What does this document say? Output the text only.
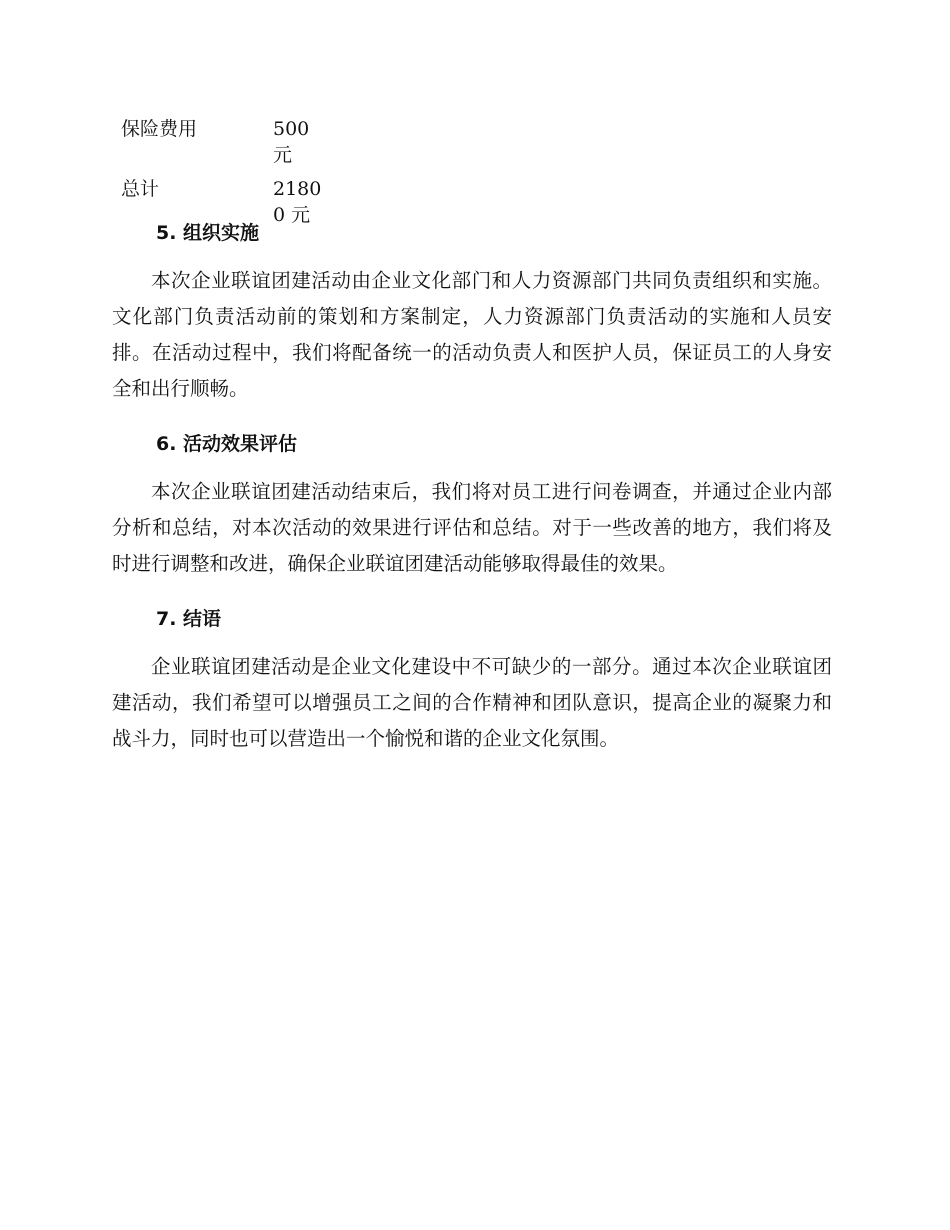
保险费用	500 元
总计	21800 元
5. 组织实施

本次企业联谊团建活动由企业文化部门和人力资源部门共同负责组织和实施。文化部门负责活动前的策划和方案制定，人力资源部门负责活动的实施和人员安排。在活动过程中，我们将配备统一的活动负责人和医护人员，保证员工的人身安全和出行顺畅。

6. 活动效果评估

本次企业联谊团建活动结束后，我们将对员工进行问卷调查，并通过企业内部分析和总结，对本次活动的效果进行评估和总结。对于一些改善的地方，我们将及时进行调整和改进，确保企业联谊团建活动能够取得最佳的效果。

7. 结语

企业联谊团建活动是企业文化建设中不可缺少的一部分。通过本次企业联谊团建活动，我们希望可以增强员工之间的合作精神和团队意识，提高企业的凝聚力和战斗力，同时也可以营造出一个愉悦和谐的企业文化氛围。
